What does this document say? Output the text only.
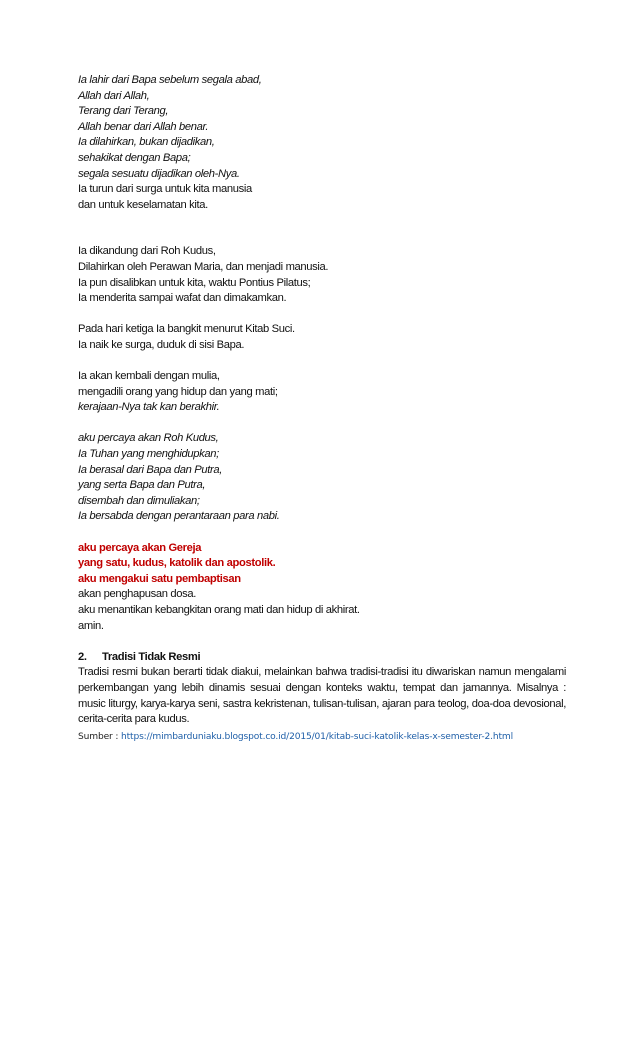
Ia lahir dari Bapa sebelum segala abad,
Allah dari Allah,
Terang dari Terang,
Allah benar dari Allah benar.
Ia dilahirkan, bukan dijadikan,
sehakikat dengan Bapa;
segala sesuatu dijadikan oleh-Nya.
Ia turun dari surga untuk kita manusia
dan untuk keselamatan kita.
Ia dikandung dari Roh Kudus,
Dilahirkan oleh Perawan Maria, dan menjadi manusia.
Ia pun disalibkan untuk kita, waktu Pontius Pilatus;
Ia menderita sampai wafat dan dimakamkan.
Pada hari ketiga Ia bangkit menurut Kitab Suci.
Ia naik ke surga, duduk di sisi Bapa.
Ia akan kembali dengan mulia,
mengadili orang yang hidup dan yang mati;
kerajaan-Nya tak kan berakhir.
aku percaya akan Roh Kudus,
Ia Tuhan yang menghidupkan;
Ia berasal dari Bapa dan Putra,
yang serta Bapa dan Putra,
disembah dan dimuliakan;
Ia bersabda dengan perantaraan para nabi.
aku percaya akan Gereja
yang satu, kudus, katolik dan apostolik.
aku mengakui satu pembaptisan
akan penghapusan dosa.
aku menantikan kebangkitan orang mati dan hidup di akhirat.
amin.
2. Tradisi Tidak Resmi
Tradisi resmi bukan berarti tidak diakui, melainkan bahwa tradisi-tradisi itu diwariskan namun mengalami perkembangan yang lebih dinamis sesuai dengan konteks waktu, tempat dan jamannya. Misalnya : music liturgy, karya-karya seni, sastra kekristenan, tulisan-tulisan, ajaran para teolog, doa-doa devosional, cerita-cerita para kudus.
Sumber : https://mimbarduniaku.blogspot.co.id/2015/01/kitab-suci-katolik-kelas-x-semester-2.html
